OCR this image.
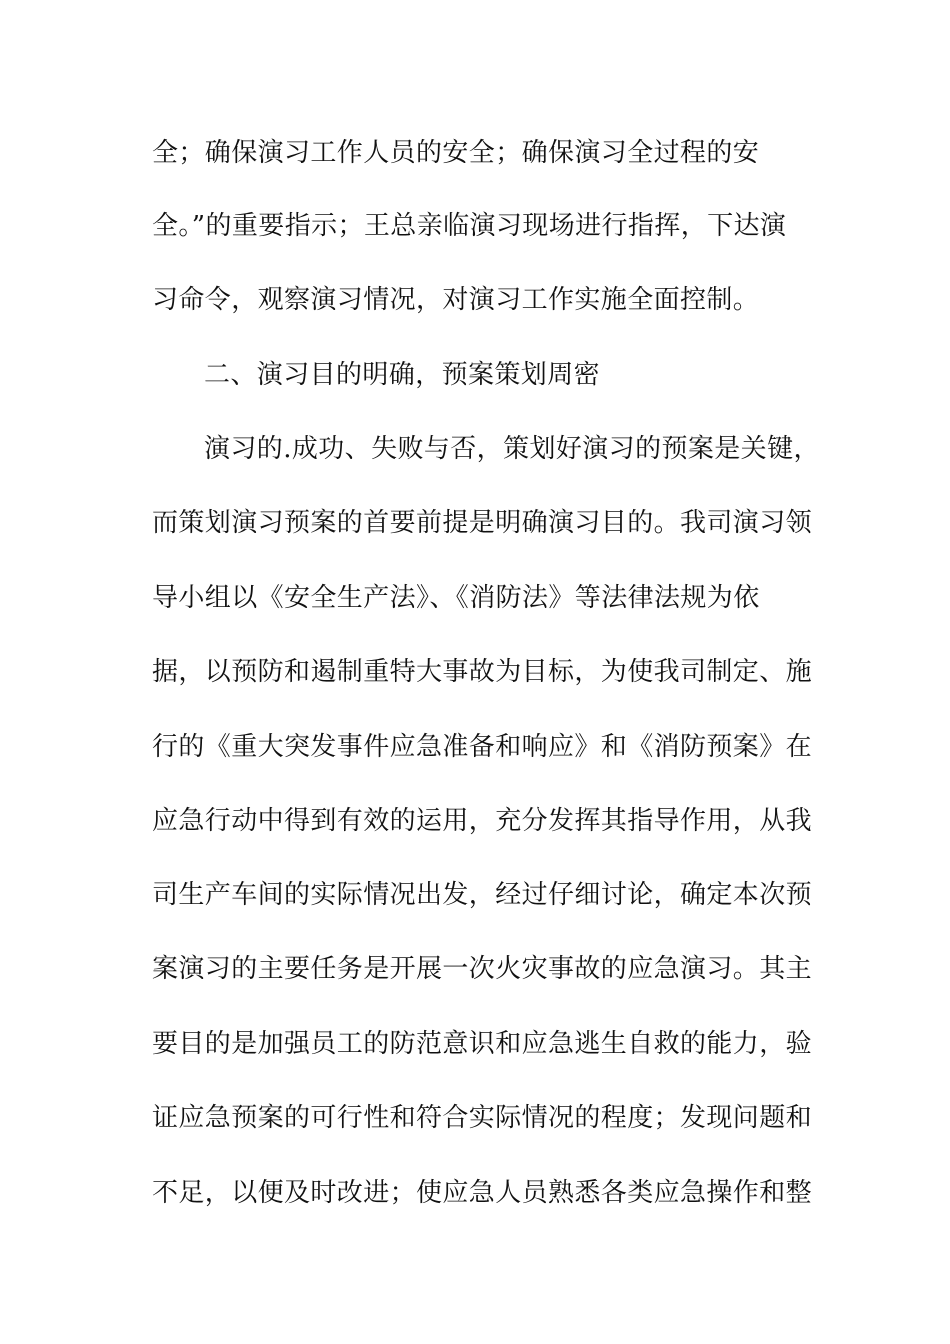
全；确保演习工作人员的安全；确保演习全过程的安
全。”的重要指示；王总亲临演习现场进行指挥，下达演
习命令，观察演习情况，对演习工作实施全面控制。
二、演习目的明确，预案策划周密
演习的.成功、失败与否，策划好演习的预案是关键，
而策划演习预案的首要前提是明确演习目的。我司演习领
导小组以《安全生产法》、《消防法》等法律法规为依
据，以预防和遏制重特大事故为目标，为使我司制定、施
行的《重大突发事件应急准备和响应》和《消防预案》在
应急行动中得到有效的运用，充分发挥其指导作用，从我
司生产车间的实际情况出发，经过仔细讨论，确定本次预
案演习的主要任务是开展一次火灾事故的应急演习。其主
要目的是加强员工的防范意识和应急逃生自救的能力，验
证应急预案的可行性和符合实际情况的程度；发现问题和
不足，以便及时改进；使应急人员熟悉各类应急操作和整
